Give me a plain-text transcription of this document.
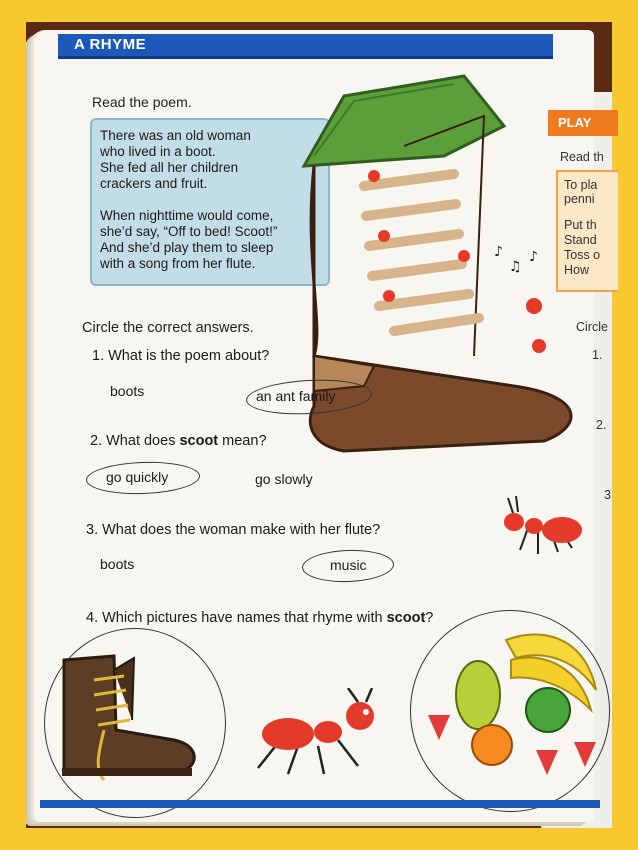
A RHYME
PLAY
Read th
To pla
penni
Put th
Stand
Toss o
How
Circle
1.
2.
3
Read the poem.

There was an old woman

who lived in a boot.

She fed all her children

crackers and fruit.

When nighttime would come,

she’d say, “Off to bed! Scoot!”

And she’d play them to sleep

with a song from her flute.

♪
♫
♪
Circle the correct answers.
1. What is the poem about?
boots	an ant family
2. What does scoot mean?
go quickly	go slowly
3. What does the woman make with her flute?
boots	music
4. Which pictures have names that rhyme with scoot?
